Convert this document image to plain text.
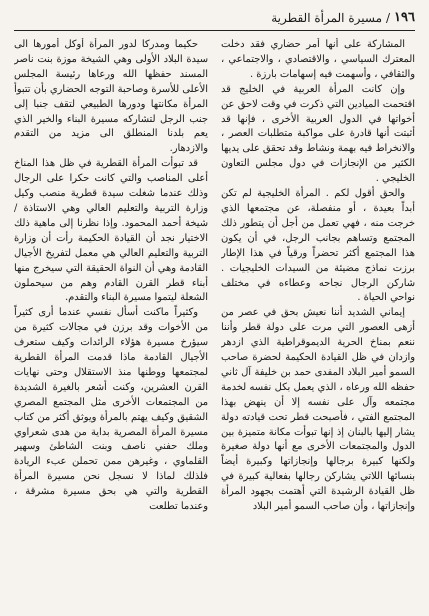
١٩٦
/
مسيرة المرأة القطرية

المشاركة على أنها أمر حضاري فقد دخلت المعترك السياسي ، والاقتصادي ، والاجتماعي ، والثقافي ، وأسهمت فيه إسهامات بارزة .

وإن كانت المرأة العربية في الخليج قد اقتحمت الميادين التي ذكرت في وقت لاحق عن أخواتها في الدول العربية الأخرى ، فإنها قد أثبتت أنها قادرة على مواكبة متطلبات العصر ، والانخراط فيه بهمة ونشاط وقد تحقق على يديها الكثير من الإنجازات في دول مجلس التعاون الخليجي .

والحق أقول لكم . المرأة الخليجية لم تكن أبداً بعيدة ، أو منفصلة، عن مجتمعها الذي خرجت منه ، فهي تعمل من أجل أن يتطور ذلك المجتمع وتساهم بجانب الرجل، في أن يكون هذا المجتمع أكثر تحضراً ورقياً في هذا الإطار برزت نماذج مضيئة من السيدات الخليجيات . شاركن الرجال نجاحه وعطاءه في مختلف نواحي الحياة .

إيماني الشديد أننا نعيش بحق في عصر من أزهى العصور التي مرت على دولة قطر وأننا ننعم بمناخ الحرية الديموقراطية الذي ازدهر وازدان في ظل القيادة الحكيمة لحضرة صاحب السمو أمير البلاد المفدى حمد بن خليفة آل ثاني حفظه الله ورعاه ، الذي يعمل بكل نفسه لخدمة مجتمعه وآل على نفسه إلا أن ينهض بهذا المجتمع الفتي ، فأصبحت قطر تحت قيادته دولة يشار إليها بالبنان إذ إنها تبوأت مكانة متميزة بين الدول والمجتمعات الأخرى مع أنها دولة صغيرة ولكنها كبيرة برجالها وإنجازاتها وكبيرة أيضاً بنسائها اللاتي يشاركن رجالها بفعالية كبيرة في ظل القيادة الرشيدة التي أهتمت بجهود المرأة وإنجازاتها ، وأن صاحب السمو أمير البلاد

حكيما ومدركا لدور المرأة أوكل أمورها الى سيدة البلاد الأولى وهي الشيخة موزة بنت ناصر المسند حفظها الله ورعاها رئيسة المجلس الأعلى للأسرة وصاحبة التوجه الحضاري بأن تتبوأ المرأة مكانتها ودورها الطبيعي لتقف جنبا إلى جنب الرجل لتشاركه مسيرة البناء والخير الذي يعم بلدنا المنطلق الى مزيد من التقدم والازدهار.

قد تبوأت المرأة القطرية في ظل هذا المناخ أعلى المناصب والتي كانت حكرا على الرجال وذلك عندما شغلت سيدة قطرية منصب وكيل وزارة التربية والتعليم العالي وهي الاستاذة / شيخة أحمد المحمود. وإذا نظرنا إلى ماهية ذلك الاختيار نجد أن القيادة الحكيمة رأت أن وزارة التربية والتعليم العالي هي معمل لتفريخ الأجيال القادمة وهي أن النواة الحقيقة التي سيخرج منها أبناء قطر القرن القادم وهم من سيحملون الشعلة ليتموا مسيرة البناء والتقدم.

وكثيراً ماكنت أسأل نفسي عندما أرى كثيراً من الأخوات وقد برزن في مجالات كثيرة من سيؤرخ مسيرة هؤلاء الرائدات وكيف ستعرف الأجيال القادمة ماذا قدمت المرأة القطرية لمجتمعها ووطنها منذ الاستقلال وحتى نهايات القرن العشرين، وكنت أشعر بالغيرة الشديدة من المجتمعات الأخرى مثل المجتمع المصري الشقيق وكيف يهتم بالمرأة ويوثق أكثر من كتاب مسيرة المرأة المصرية بداية من هدى شعراوي وملك حفني ناصف وبنت الشاطئ وسهير القلماوي ، وغيرهن ممن تحملن عبء الريادة فلذلك لماذا لا نسجل نحن مسيرة المرأة القطرية والتي هي بحق مسيرة مشرقة ، وعندما تطلعت
